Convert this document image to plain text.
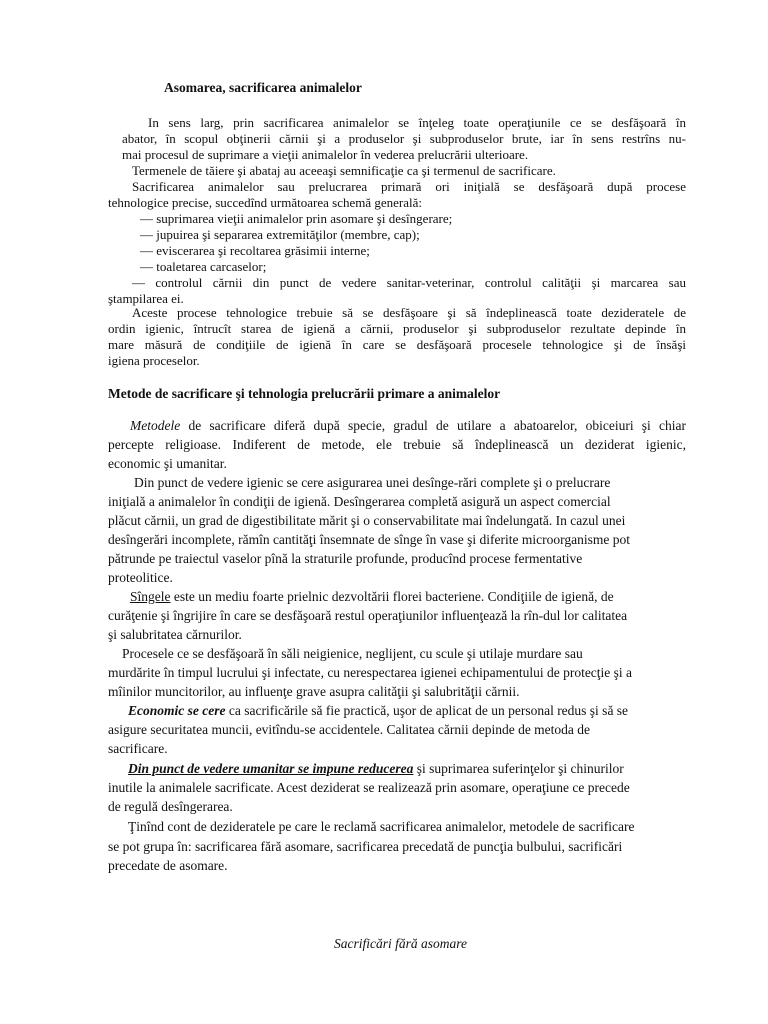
Asomarea, sacrificarea animalelor
In sens larg, prin sacrificarea animalelor se înţeleg toate operaţiunile ce se desfăşoară în
abator, în scopul obţinerii cărnii şi a produselor şi subproduselor brute, iar în sens restrîns nu-
mai procesul de suprimare a vieţii animalelor în vederea prelucrării ulterioare.
Termenele de tăiere şi abataj au aceeaşi semnificaţie ca şi termenul de sacrificare.
Sacrificarea animalelor sau prelucrarea primară ori iniţială se desfăşoară după procese
tehnologice precise, succedînd următoarea schemă generală:
— suprimarea vieţii animalelor prin asomare şi desîngerare;
— jupuirea şi separarea extremităţilor (membre, cap);
— eviscerarea şi recoltarea grăsimii interne;
— toaletarea carcaselor;
— controlul cărnii din punct de vedere sanitar-veterinar, controlul calităţii şi marcarea sau
ştampilarea ei.
Aceste procese tehnologice trebuie să se desfăşoare şi să îndeplinească toate dezideratele de
ordin igienic, întrucît starea de igienă a cărnii, produselor şi subproduselor rezultate depinde în
mare măsură de condiţiile de igienă în care se desfăşoară procesele tehnologice şi de însăşi
igiena proceselor.
Metode de sacrificare şi tehnologia prelucrării primare a animalelor
Metodele de sacrificare diferă după specie, gradul de utilare a abatoarelor, obiceiuri şi chiar
percepte religioase. Indiferent de metode, ele trebuie să îndeplinească un deziderat igienic,
economic şi umanitar.
Din punct de vedere igienic se cere asigurarea unei desînge-rări complete şi o prelucrare
iniţială a animalelor în condiţii de igienă. Desîngerarea completă asigură un aspect comercial
plăcut cărnii, un grad de digestibilitate mărit şi o conservabilitate mai îndelungată. In cazul unei
desîngerări incomplete, rămîn cantităţi însemnate de sînge în vase şi diferite microorganisme pot
pătrunde pe traiectul vaselor pînă la straturile profunde, producînd procese fermentative
proteolitice.
Sîngele este un mediu foarte prielnic dezvoltării florei bacteriene. Condiţiile de igienă, de
curăţenie şi îngrijire în care se desfăşoară restul operaţiunilor influenţează la rîn-dul lor calitatea
şi salubritatea cărnurilor.
Procesele ce se desfăşoară în săli neigienice, neglijent, cu scule şi utilaje murdare sau
murdărite în timpul lucrului şi infectate, cu nerespectarea igienei echipamentului de protecţie şi a
mîinilor muncitorilor, au influenţe grave asupra calităţii şi salubrităţii cărnii.
Economic se cere ca sacrificările să fie practică, uşor de aplicat de un personal redus şi să se
asigure securitatea muncii, evitîndu-se accidentele. Calitatea cărnii depinde de metoda de
sacrificare.
Din punct de vedere umanitar se impune reducerea şi suprimarea suferinţelor şi chinurilor
inutile la animalele sacrificate. Acest deziderat se realizează prin asomare, operaţiune ce precede
de regulă desîngerarea.
Ţinînd cont de dezideratele pe care le reclamă sacrificarea animalelor, metodele de sacrificare
se pot grupa în: sacrificarea fără asomare, sacrificarea precedată de puncţia bulbului, sacrificări
precedate de asomare.
Sacrificări fără asomare
